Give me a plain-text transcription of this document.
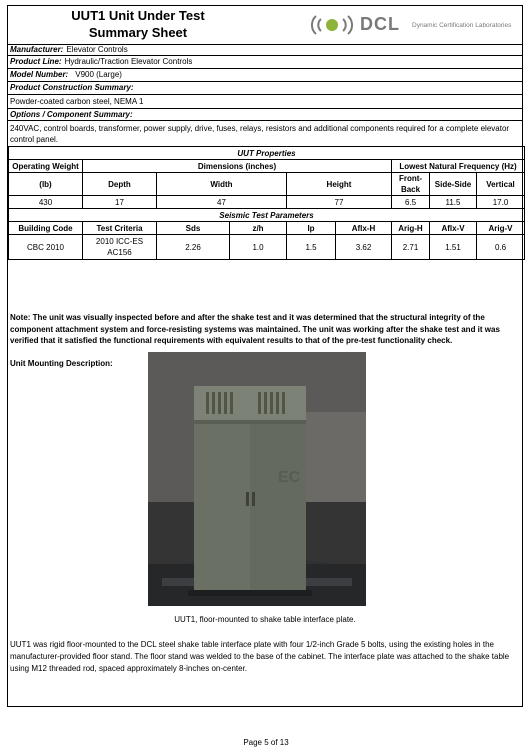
UUT1 Unit Under Test
Summary Sheet	DCL Dynamic Certification Laboratories
Manufacturer: Elevator Controls
Product Line: Hydraulic/Traction Elevator Controls
Model Number: V900 (Large)
Product Construction Summary:
Powder-coated carbon steel, NEMA 1
Options / Component Summary:
240VAC, control boards, transformer, power supply, drive, fuses, relays, resistors and additional components required for a complete elevator control panel.
UUT Properties								
Operating Weight	Dimensions (inches)					Lowest Natural Frequency (Hz)		
(lb)	Depth	Width		Height		Front-Back	Side-Side	Vertical
430	17	47		77		6.5	11.5	17.0
Seismic Test Parameters								
Building Code	Test Criteria	Sds	z/h	Ip	Aflx-H	Arig-H	Aflx-V	Arig-V
CBC 2010	2010 ICC-ES
AC156	2.26	1.0	1.5	3.62	2.71	1.51	0.6
Note: The unit was visually inspected before and after the shake test and it was determined that the structural integrity of the component attachment system and force-resisting systems was maintained. The unit was working after the shake test and it was verified that it satisfied the functional requirements with equivalent results to that of the pre-test functionality check.
Unit Mounting Description:
EC
UUT1, floor-mounted to shake table interface plate.
UUT1 was rigid floor-mounted to the DCL steel shake table interface plate with four 1/2-inch Grade 5 bolts, using the existing holes in the manufacturer-provided floor stand. The floor stand was welded to the base of the cabinet. The interface plate was attached to the shake table using M12 threaded rod, spaced approximately 8-inches on-center.
Page 5 of 13
